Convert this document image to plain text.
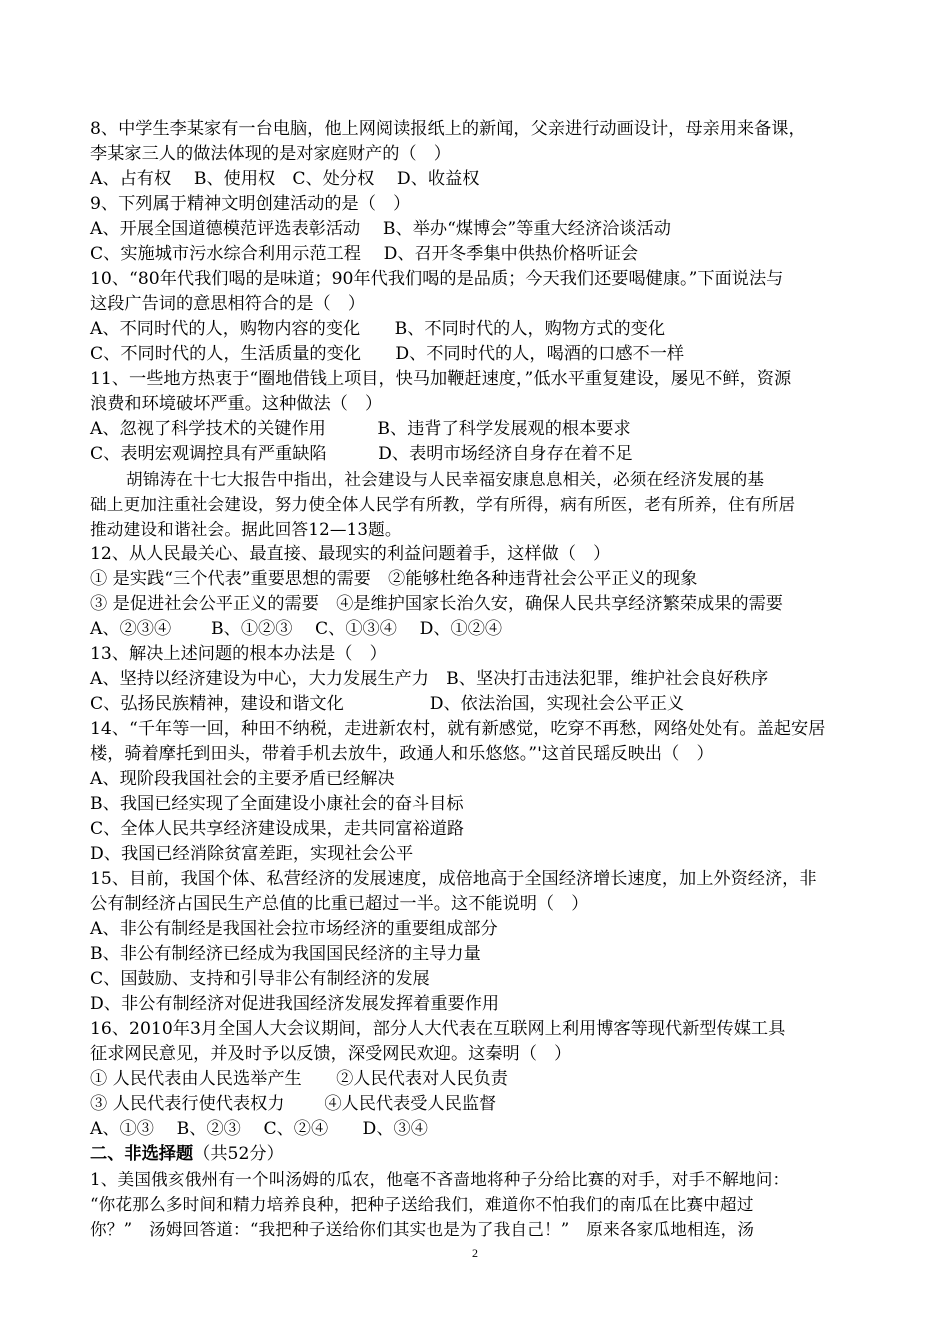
8、中学生李某家有一台电脑，他上网阅读报纸上的新闻，父亲进行动画设计，母亲用来备课，

李某家三人的做法体现的是对家庭财产的（　）

A、占有权　 B、使用权　C、处分权　 D、收益权

9、下列属于精神文明创建活动的是（　）

A、开展全国道德模范评选表彰活动　 B、举办“煤博会”等重大经济洽谈活动

C、实施城市污水综合利用示范工程　 D、召开冬季集中供热价格听证会

10、“80年代我们喝的是味道；90年代我们喝的是品质；今天我们还要喝健康。”下面说法与

这段广告词的意思相符合的是（　）

A、不同时代的人，购物内容的变化　　B、不同时代的人，购物方式的变化

C、不同时代的人，生活质量的变化　　D、不同时代的人，喝酒的口感不一样

11、一些地方热衷于“圈地借钱上项目，快马加鞭赶速度，”低水平重复建设，屡见不鲜，资源

浪费和环境破坏严重。这种做法（　）

A、忽视了科学技术的关键作用　　　B、违背了科学发展观的根本要求

C、表明宏观调控具有严重缺陷　　　D、表明市场经济自身存在着不足

胡锦涛在十七大报告中指出，社会建设与人民幸福安康息息相关，必须在经济发展的基

础上更加注重社会建设，努力使全体人民学有所教，学有所得，病有所医，老有所养，住有所居

推动建设和谐社会。据此回答12—13题。

12、从人民最关心、最直接、最现实的利益问题着手，这样做（　）

① 是实践“三个代表”重要思想的需要　②能够杜绝各种违背社会公平正义的现象

③ 是促进社会公平正义的需要　④是维护国家长治久安，确保人民共享经济繁荣成果的需要

A、②③④　　 B、①②③　 C、①③④　 D、①②④

13、解决上述问题的根本办法是（　）

A、坚持以经济建设为中心，大力发展生产力　B、坚决打击违法犯罪，维护社会良好秩序

C、弘扬民族精神，建设和谐文化　　　　　D、依法治国，实现社会公平正义

14、“千年等一回，种田不纳税，走进新农村，就有新感觉，吃穿不再愁，网络处处有。盖起安居

楼，骑着摩托到田头，带着手机去放牛，政通人和乐悠悠。”'这首民瑶反映出（　）

A、现阶段我国社会的主要矛盾已经解决

B、我国已经实现了全面建设小康社会的奋斗目标

C、全体人民共享经济建设成果，走共同富裕道路

D、我国已经消除贫富差距，实现社会公平

15、目前，我国个体、私营经济的发展速度，成倍地高于全国经济增长速度，加上外资经济，非

公有制经济占国民生产总值的比重已超过一半。这不能说明（　）

A、非公有制经是我国社会拉市场经济的重要组成部分

B、非公有制经济已经成为我国国民经济的主导力量

C、国鼓励、支持和引导非公有制经济的发展

D、非公有制经济对促进我国经济发展发挥着重要作用

16、2010年3月全国人大会议期间，部分人大代表在互联网上利用博客等现代新型传媒工具

征求网民意见，并及时予以反馈，深受网民欢迎。这秦明（　）

① 人民代表由人民选举产生　　②人民代表对人民负责

③ 人民代表行使代表权力　　 ④人民代表受人民监督

A、①③　 B、②③　 C、②④　　D、③④

二、非选择题（共52分）

1、美国俄亥俄州有一个叫汤姆的瓜农，他毫不吝啬地将种子分给比赛的对手，对手不解地问：

“你花那么多时间和精力培养良种，把种子送给我们，难道你不怕我们的南瓜在比赛中超过

你？”　汤姆回答道：“我把种子送给你们其实也是为了我自己！”　原来各家瓜地相连，汤

2
